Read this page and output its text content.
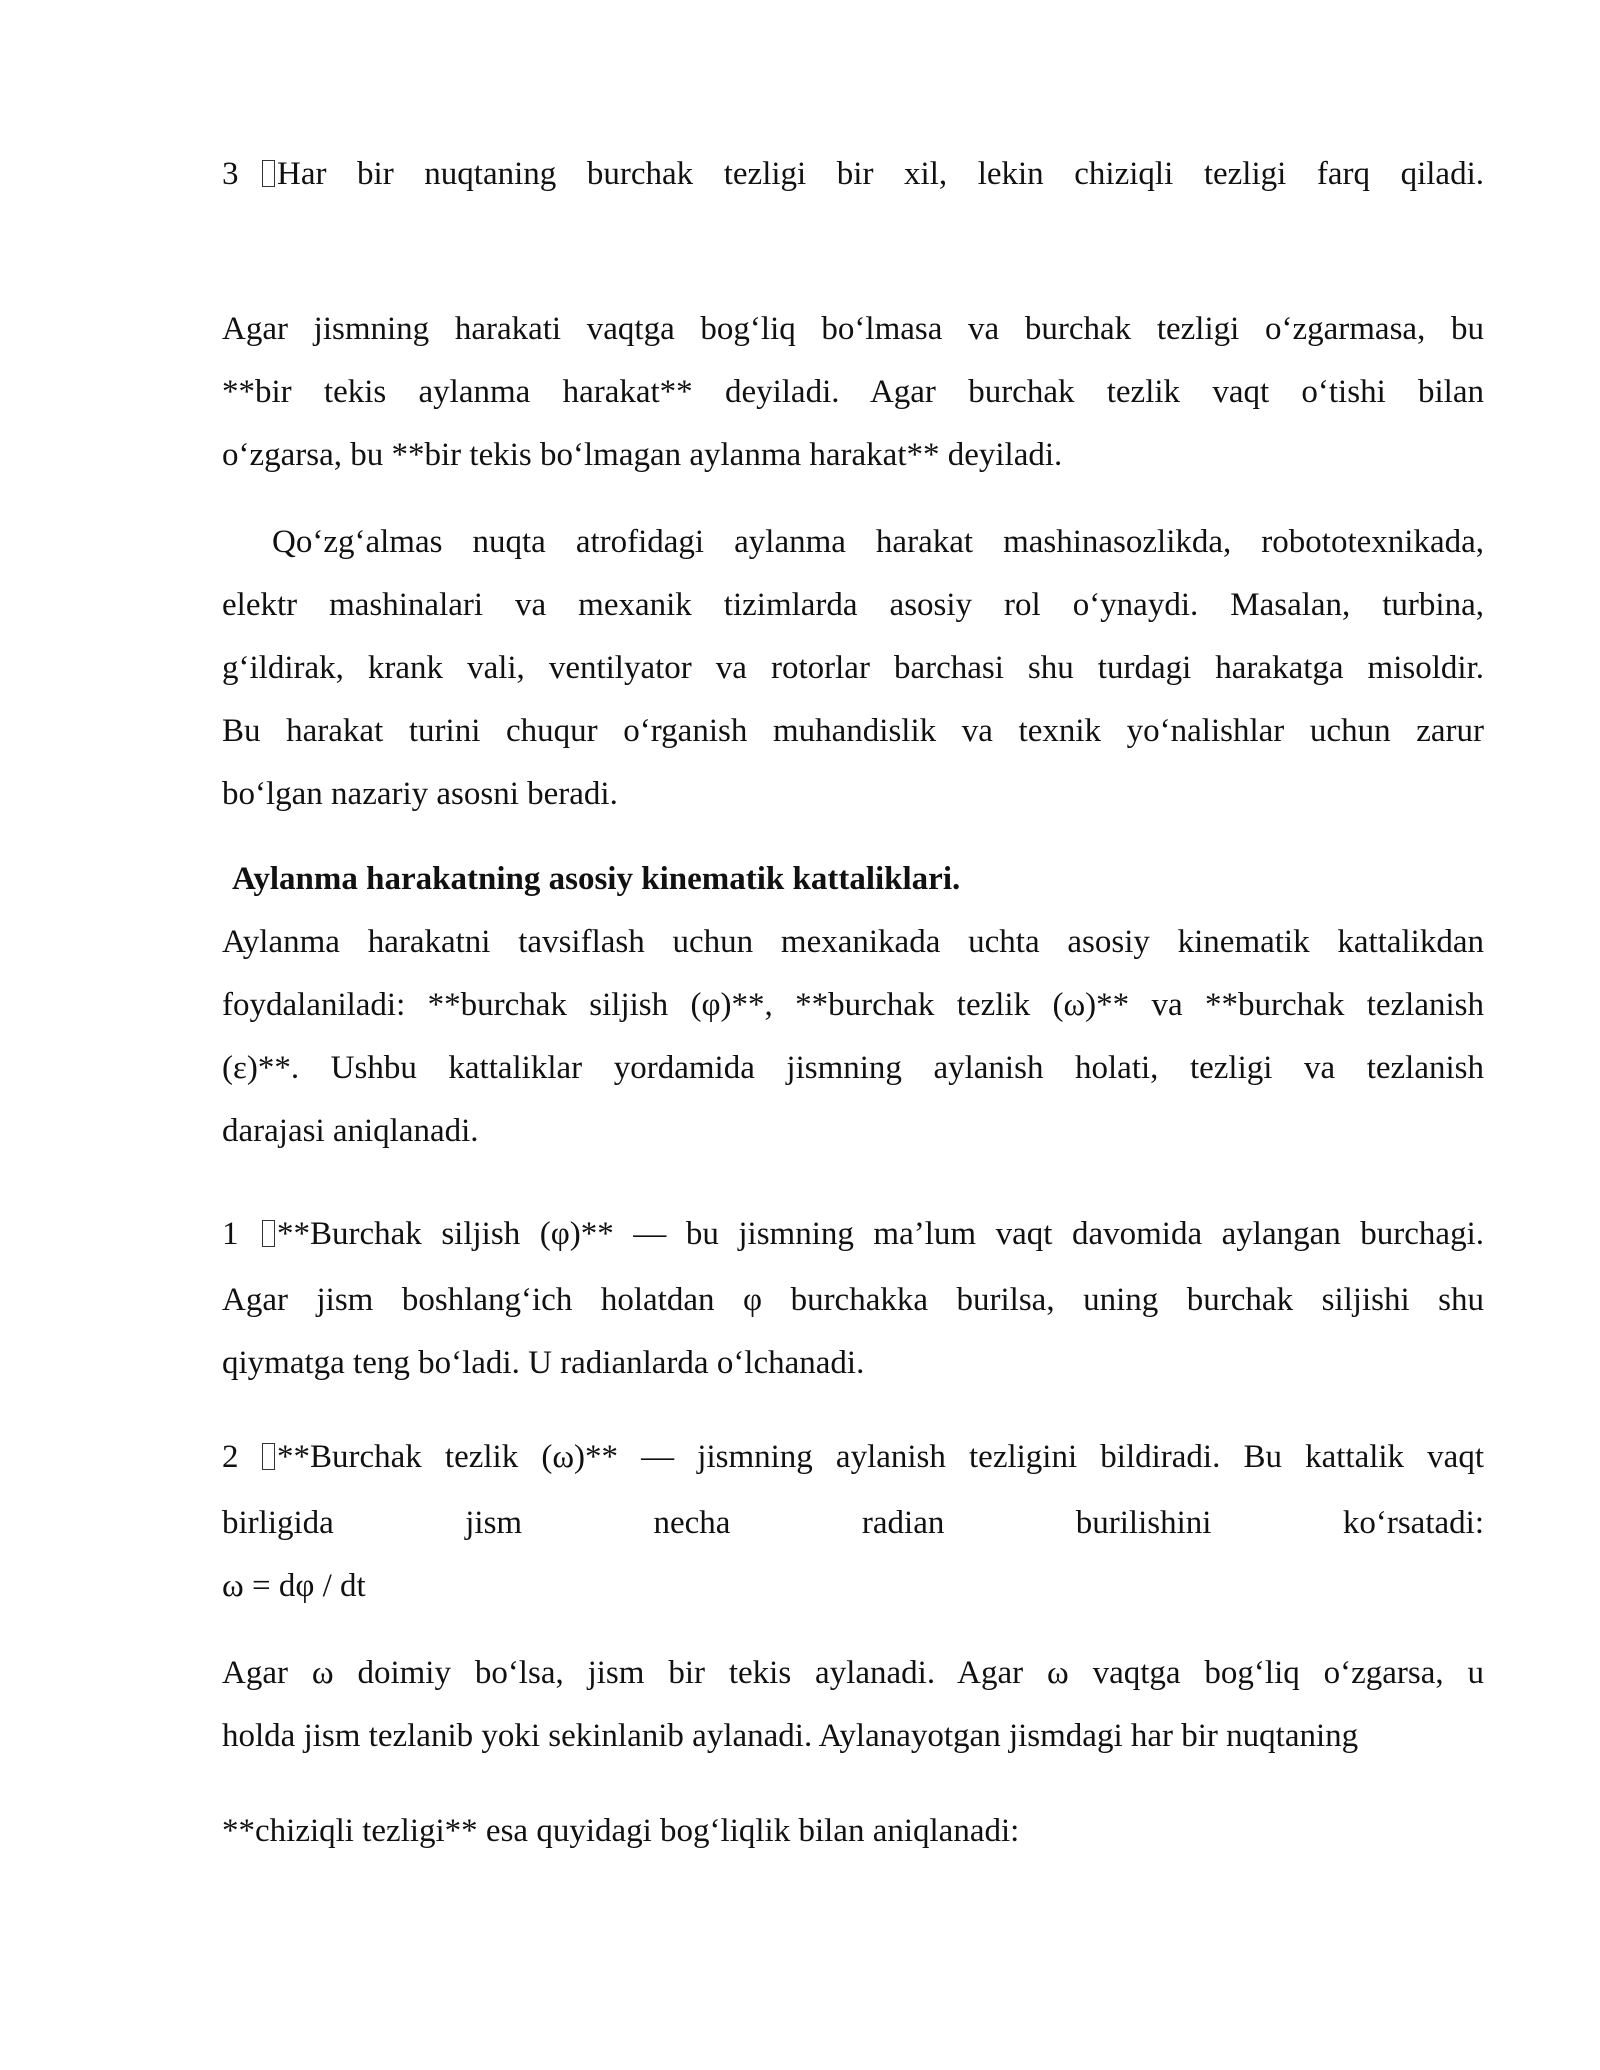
3 Har bir nuqtaning burchak tezligi bir xil, lekin chiziqli tezligi farq qiladi.
Agar jismning harakati vaqtga bog‘liq bo‘lmasa va burchak tezligi o‘zgarmasa, bu
**bir tekis aylanma harakat** deyiladi. Agar burchak tezlik vaqt o‘tishi bilan
o‘zgarsa, bu **bir tekis bo‘lmagan aylanma harakat** deyiladi.
Qo‘zg‘almas nuqta atrofidagi aylanma harakat mashinasozlikda, robototexnikada,
elektr mashinalari va mexanik tizimlarda asosiy rol o‘ynaydi. Masalan, turbina,
g‘ildirak, krank vali, ventilyator va rotorlar barchasi shu turdagi harakatga misoldir.
Bu harakat turini chuqur o‘rganish muhandislik va texnik yo‘nalishlar uchun zarur
bo‘lgan nazariy asosni beradi.
Aylanma harakatning asosiy kinematik kattaliklari.
Aylanma harakatni tavsiflash uchun mexanikada uchta asosiy kinematik kattalikdan
foydalaniladi: **burchak siljish (φ)**, **burchak tezlik (ω)** va **burchak tezlanish
(ε)**. Ushbu kattaliklar yordamida jismning aylanish holati, tezligi va tezlanish
darajasi aniqlanadi.
1 **Burchak siljish (φ)** — bu jismning ma’lum vaqt davomida aylangan burchagi.
Agar jism boshlang‘ich holatdan φ burchakka burilsa, uning burchak siljishi shu
qiymatga teng bo‘ladi. U radianlarda o‘lchanadi.
2 **Burchak tezlik (ω)** — jismning aylanish tezligini bildiradi. Bu kattalik vaqt
birligida jism necha radian burilishini ko‘rsatadi:
ω = dφ / dt
Agar ω doimiy bo‘lsa, jism bir tekis aylanadi. Agar ω vaqtga bog‘liq o‘zgarsa, u
holda jism tezlanib yoki sekinlanib aylanadi. Aylanayotgan jismdagi har bir nuqtaning
**chiziqli tezligi** esa quyidagi bog‘liqlik bilan aniqlanadi:
